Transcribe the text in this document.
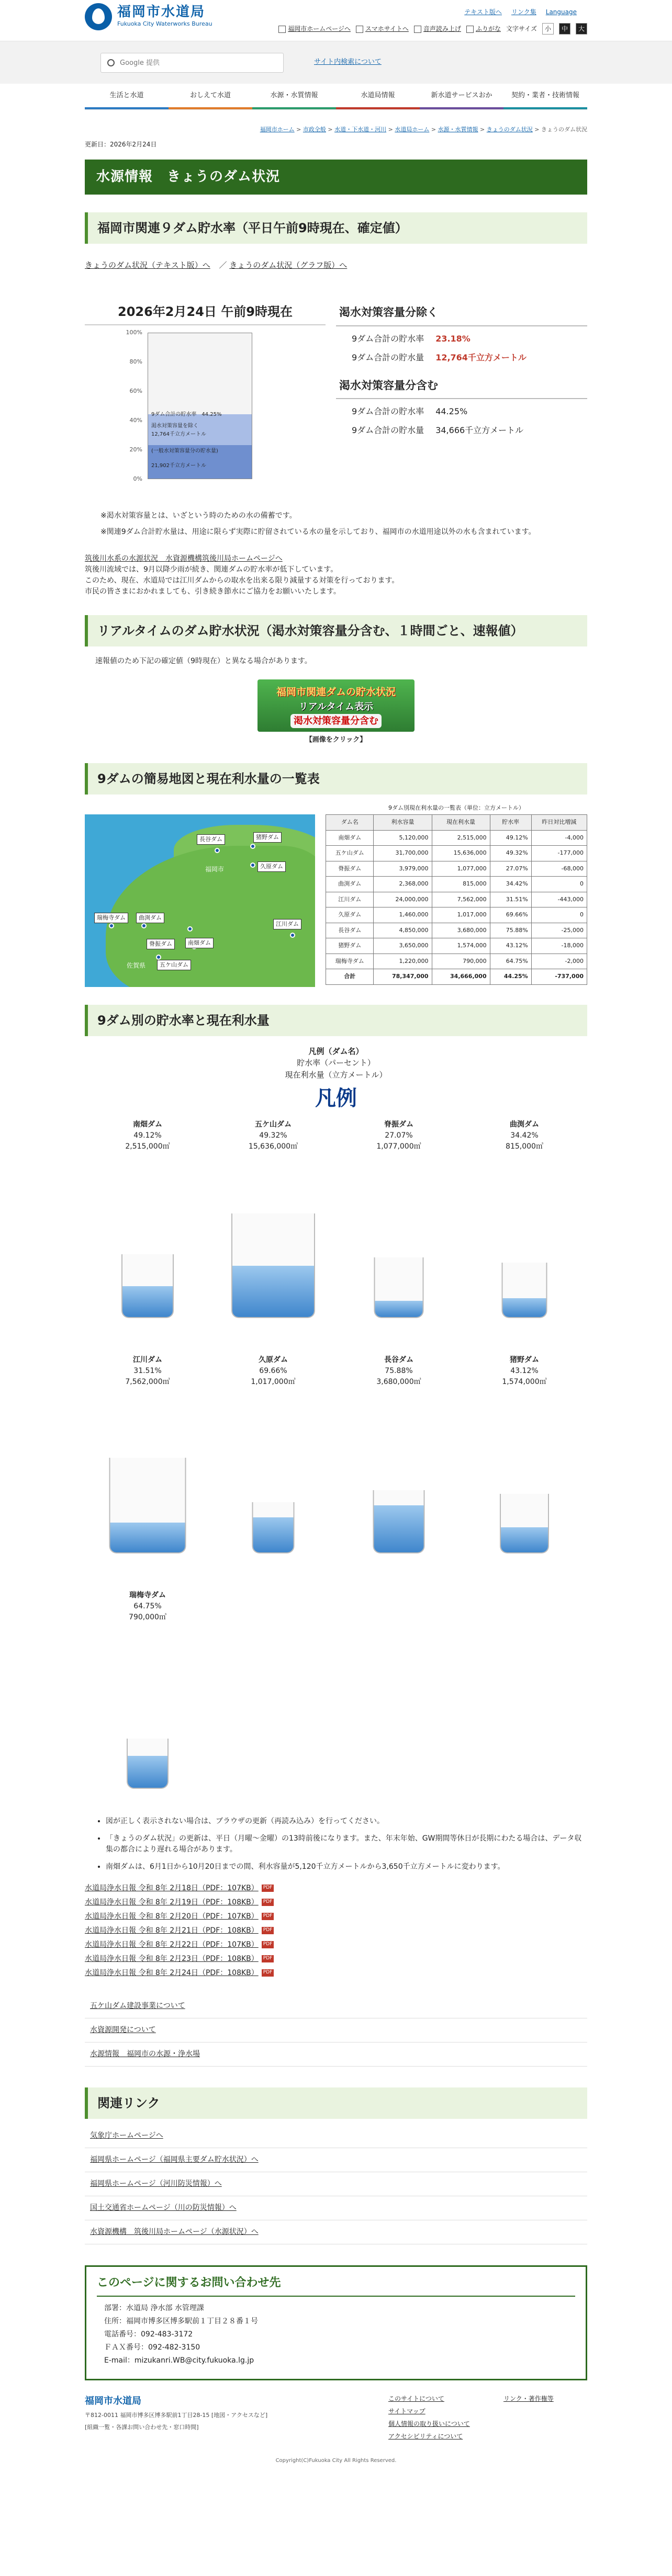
福岡市水道局
Fukuoka City Waterworks Bureau
テキスト版へ リンク集 Language
福岡市ホームページへ	スマホサイトへ	音声読み上げ	ふりがな 文字サイズ	小	中	大
Google 提供
サイト内検索について
生活と水道	おしえて水道	水源・水質情報	水道局情報	新水道サービスおか	契約・業者・技術情報
福岡市ホーム > 市政全般 > 水道・下水道・河川 > 水道局ホーム > 水源・水質情報 > きょうのダム状況 > きょうのダム状況
更新日：2026年2月24日
水源情報　きょうのダム状況
福岡市関連９ダム貯水率（平日午前9時現在、確定値）
きょうのダム状況（テキスト版）へ ／ きょうのダム状況（グラフ版）へ
2026年2月24日 午前9時現在
100%
80%
60%
40%
20%
0%
9ダム合計の貯水率　 44.25%
渇水対策容量を除く
12,764千立方メートル
(一般水対策容量分の貯水量)
21,902千立方メートル
渇水対策容量分除く
9ダム合計の貯水率 23.18%
9ダム合計の貯水量 12,764千立方メートル
渇水対策容量分含む
9ダム合計の貯水率 44.25%
9ダム合計の貯水量 34,666千立方メートル

※渇水対策容量とは、いざという時のための水の備蓄です。

※関連9ダム合計貯水量は、用途に限らず実際に貯留されている水の量を示しており、福岡市の水道用途以外の水も含まれています。

筑後川水系の水源状況　水資源機構筑後川局ホームページへ
筑後川流域では、9月以降少雨が続き、関連ダムの貯水率が低下しています。
このため、現在、水道局では江川ダムからの取水を出来る限り減量する対策を行っております。
市民の皆さまにおかれましても、引き続き節水にご協力をお願いいたします。
リアルタイムのダム貯水状況（渇水対策容量分含む、１時間ごと、速報値）
速報値のため下記の確定値（9時現在）と異なる場合があります。
福岡市関連ダムの貯水状況
リアルタイム表示
渇水対策容量分含む
【画像をクリック】
9ダムの簡易地図と現在利水量の一覧表
福岡市
佐賀県
瑞梅寺ダム	曲渕ダム
脊振ダム
五ケ山ダム
南畑ダム
長谷ダム	猪野ダム
久原ダム
江川ダム
9ダム別現在利水量の一覧表（単位：立方メートル）
ダム名	利水容量	現在利水量	貯水率	昨日対比増減
南畑ダム	5,120,000	2,515,000	49.12%	-4,000
五ケ山ダム	31,700,000	15,636,000	49.32%	-177,000
脊振ダム	3,979,000	1,077,000	27.07%	-68,000
曲渕ダム	2,368,000	815,000	34.42%	0
江川ダム	24,000,000	7,562,000	31.51%	-443,000
久原ダム	1,460,000	1,017,000	69.66%	0
長谷ダム	4,850,000	3,680,000	75.88%	-25,000
猪野ダム	3,650,000	1,574,000	43.12%	-18,000
瑞梅寺ダム	1,220,000	790,000	64.75%	-2,000
合計	78,347,000	34,666,000	44.25%	-737,000
9ダム別の貯水率と現在利水量
凡例（ダム名）
貯水率（パーセント）
現在利水量（立方メートル）
凡例
南畑ダム
49.12%
2,515,000㎥
五ケ山ダム
49.32%
15,636,000㎥
脊振ダム
27.07%
1,077,000㎥
曲渕ダム
34.42%
815,000㎥
江川ダム
31.51%
7,562,000㎥
久原ダム
69.66%
1,017,000㎥
長谷ダム
75.88%
3,680,000㎥
猪野ダム
43.12%
1,574,000㎥
瑞梅寺ダム
64.75%
790,000㎥
• 図が正しく表示されない場合は、ブラウザの更新（再読み込み）を行ってください。
• 「きょうのダム状況」の更新は、平日（月曜～金曜）の13時前後になります。また、年末年始、GW期間等休日が長期にわたる場合は、データ収集の都合により遅れる場合があります。
• 南畑ダムは、6月1日から10月20日までの間、利水容量が5,120千立方メートルから3,650千立方メートルに変わります。
水道局浄水日報 令和 8年 2月18日（PDF：107KB） PDF
水道局浄水日報 令和 8年 2月19日（PDF：108KB） PDF
水道局浄水日報 令和 8年 2月20日（PDF：107KB） PDF
水道局浄水日報 令和 8年 2月21日（PDF：108KB） PDF
水道局浄水日報 令和 8年 2月22日（PDF：107KB） PDF
水道局浄水日報 令和 8年 2月23日（PDF：108KB） PDF
水道局浄水日報 令和 8年 2月24日（PDF：108KB） PDF
五ケ山ダム建設事業について
水資源開発について
水源情報　福岡市の水源・浄水場
関連リンク
気象庁ホームページへ
福岡県ホームページ（福岡県主要ダム貯水状況）へ
福岡県ホームページ（河川防災情報）へ
国土交通省ホームページ（川の防災情報）へ
水資源機構　筑後川局ホームページ（水源状況）へ
このページに関するお問い合わせ先

部署：水道局 浄水部 水管理課

住所：福岡市博多区博多駅前１丁目２８番１号

電話番号：092-483-3172

ＦＡＸ番号：092-482-3150

E-mail：mizukanri.WB@city.fukuoka.lg.jp

福岡市水道局
〒812-0011 福岡市博多区博多駅前1丁目28-15 [地図・アクセスなど]
[組織一覧・各課お問い合わせ先・窓口時間]
このサイトについて	リンク・著作権等
サイトマップ
個人情報の取り扱いについて
アクセシビリティについて
Copyright(C)Fukuoka City All Rights Reserved.
